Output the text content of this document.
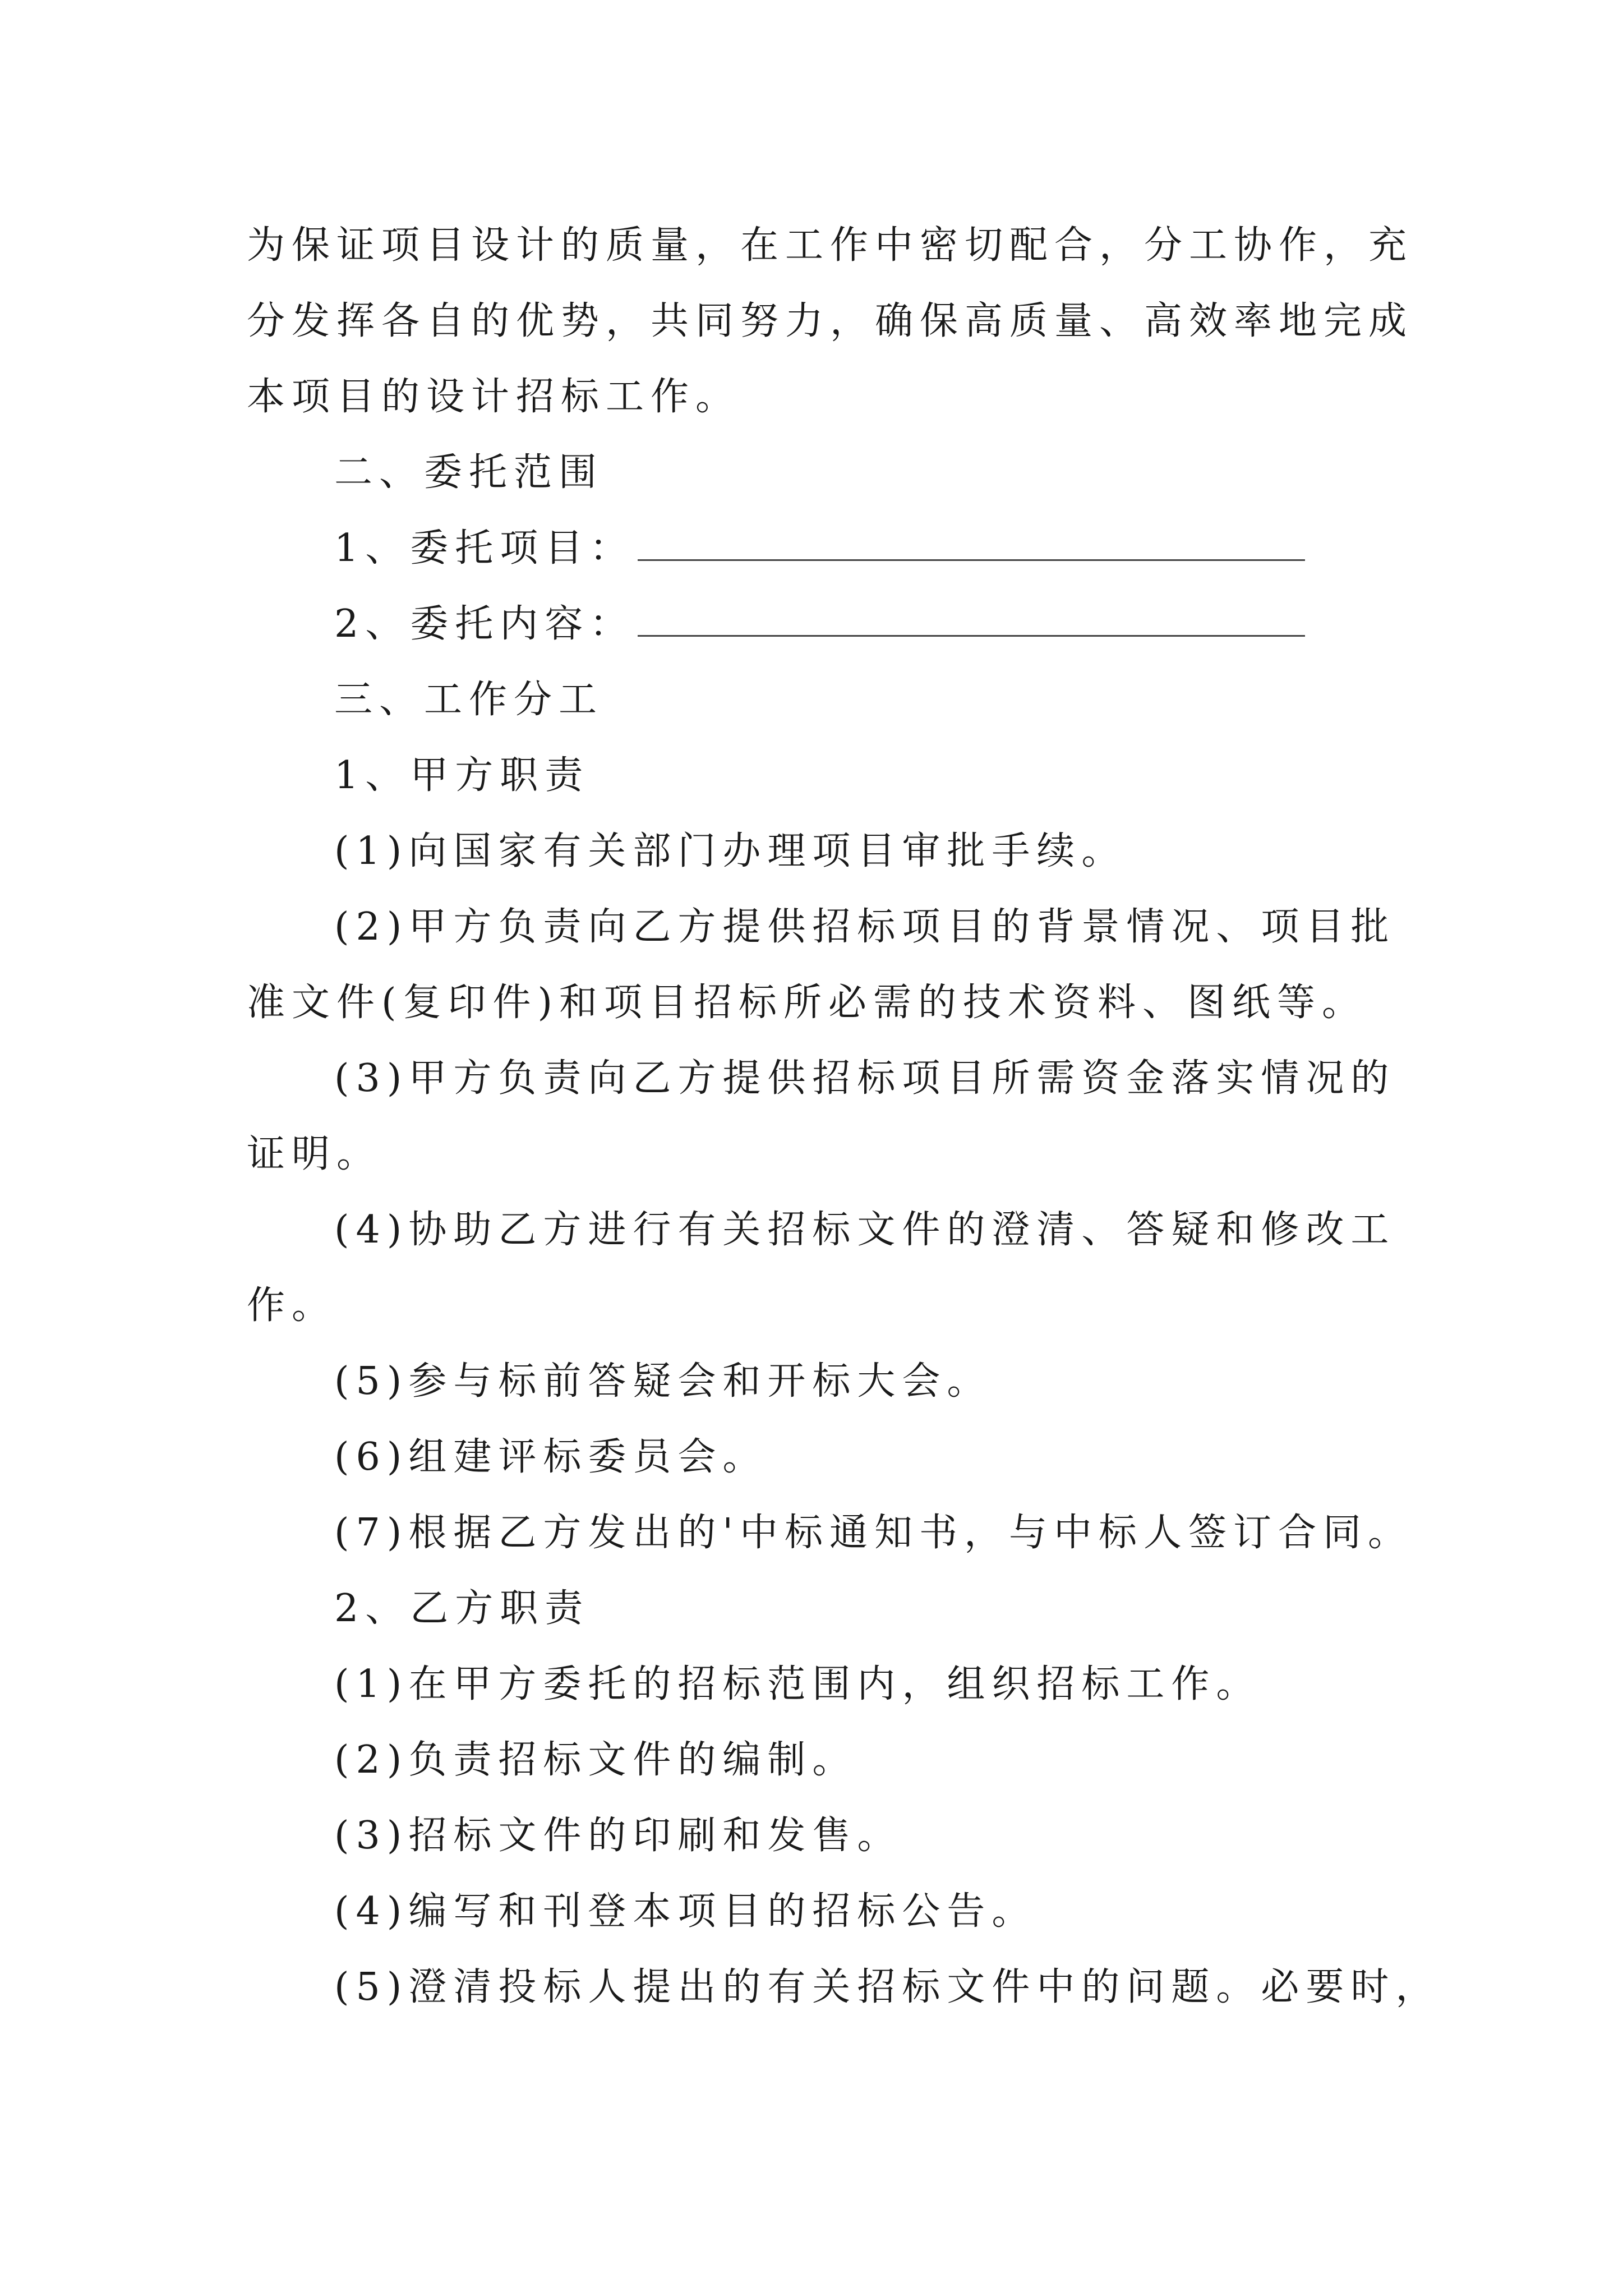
为保证项目设计的质量，在工作中密切配合，分工协作，充
分发挥各自的优势，共同努力，确保高质量、高效率地完成
本项目的设计招标工作。
二、委托范围
1、委托项目：
2、委托内容：
三、工作分工
1、甲方职责
(1)向国家有关部门办理项目审批手续。
(2)甲方负责向乙方提供招标项目的背景情况、项目批
准文件(复印件)和项目招标所必需的技术资料、图纸等。
(3)甲方负责向乙方提供招标项目所需资金落实情况的
证明。
(4)协助乙方进行有关招标文件的澄清、答疑和修改工
作。
(5)参与标前答疑会和开标大会。
(6)组建评标委员会。
(7)根据乙方发出的'中标通知书，与中标人签订合同。
2、乙方职责
(1)在甲方委托的招标范围内，组织招标工作。
(2)负责招标文件的编制。
(3)招标文件的印刷和发售。
(4)编写和刊登本项目的招标公告。
(5)澄清投标人提出的有关招标文件中的问题。必要时，
